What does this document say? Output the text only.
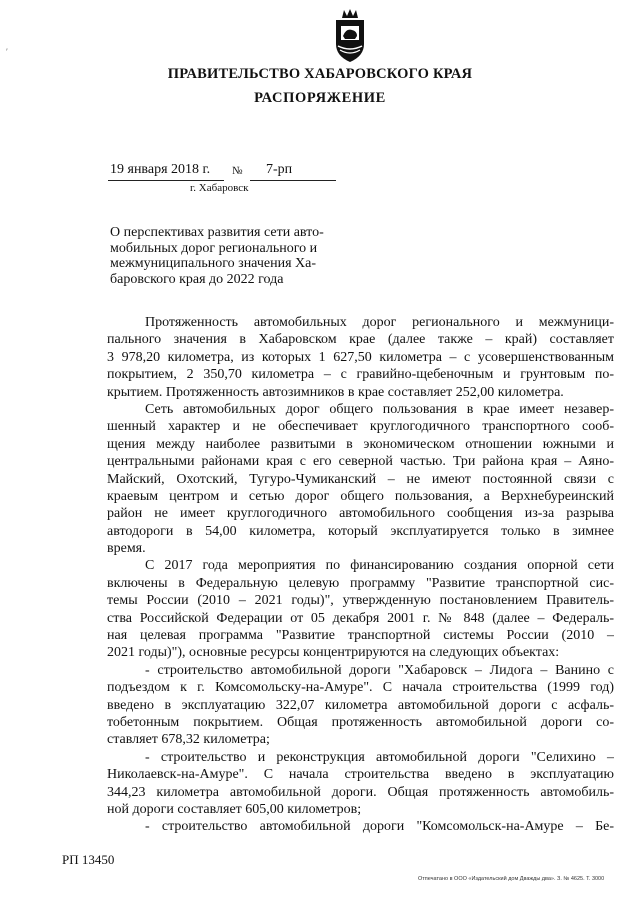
′
ПРАВИТЕЛЬСТВО ХАБАРОВСКОГО КРАЯ
РАСПОРЯЖЕНИЕ
19 января 2018 г. № 7-рп
г. Хабаровск
О перспективах развития сети авто-
мобильных дорог регионального и
межмуниципального значения Ха-
баровского края до 2022 года
Протяженность автомобильных дорог регионального и межмуници-
пального значения в Хабаровском крае (далее также – край) составляет
3 978,20 километра, из которых 1 627,50 километра – с усовершенствованным
покрытием, 2 350,70 километра – с гравийно-щебеночным и грунтовым по-
крытием. Протяженность автозимников в крае составляет 252,00 километра.
Сеть автомобильных дорог общего пользования в крае имеет незавер-
шенный характер и не обеспечивает круглогодичного транспортного сооб-
щения между наиболее развитыми в экономическом отношении южными и
центральными районами края с его северной частью. Три района края – Аяно-
Майский, Охотский, Тугуро-Чумиканский – не имеют постоянной связи с
краевым центром и сетью дорог общего пользования, а Верхнебуреинский
район не имеет круглогодичного автомобильного сообщения из-за разрыва
автодороги в 54,00 километра, который эксплуатируется только в зимнее
время.
С 2017 года мероприятия по финансированию создания опорной сети
включены в Федеральную целевую программу "Развитие транспортной сис-
темы России (2010 – 2021 годы)", утвержденную постановлением Правитель-
ства Российской Федерации от 05 декабря 2001 г. № 848 (далее – Федераль-
ная целевая программа "Развитие транспортной системы России (2010 –
2021 годы)"), основные ресурсы концентрируются на следующих объектах:
- строительство автомобильной дороги "Хабаровск – Лидога – Ванино с
подъездом к г. Комсомольску-на-Амуре". С начала строительства (1999 год)
введено в эксплуатацию 322,07 километра автомобильной дороги с асфаль-
тобетонным покрытием. Общая протяженность автомобильной дороги со-
ставляет 678,32 километра;
- строительство и реконструкция автомобильной дороги "Селихино –
Николаевск-на-Амуре". С начала строительства введено в эксплуатацию
344,23 километра автомобильной дороги. Общая протяженность автомобиль-
ной дороги составляет 605,00 километров;
- строительство автомобильной дороги "Комсомольск-на-Амуре – Бе-
РП 13450
Отпечатано в ООО «Издательский дом Дважды два». З. № 4625. Т. 3000
